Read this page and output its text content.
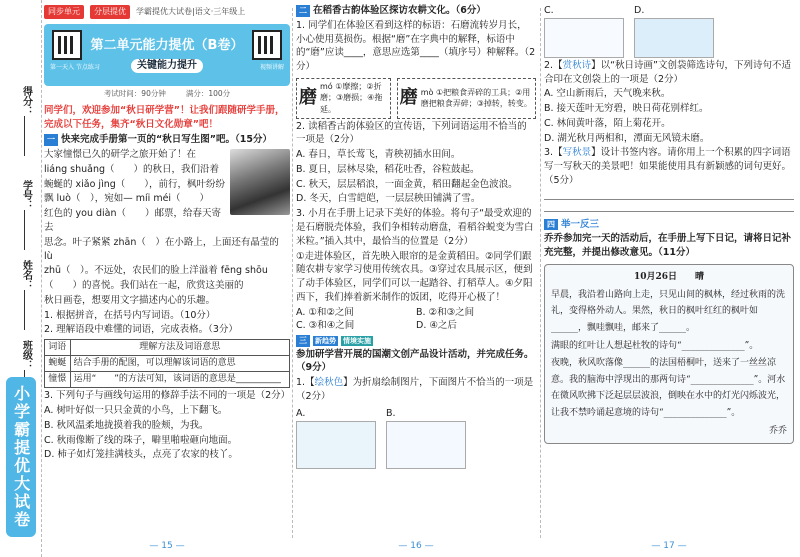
得分：
学号：
姓名：
班级：
小学霸提优大试卷
同步单元	分层提优	学霸提优大试卷|语文·三年级上
第一天入 节点练习	视频讲解
第二单元能力提优（B卷）
关键能力提升
考试时间：90分钟	满分：100分
同学们，欢迎参加“秋日研学营”！让我们跟随研学手册，完成以下任务，集齐“秋日文化勋章”吧！
一 快来完成手册第一页的“秋日写生图”吧。（15分）

大家憧憬已久的研学之旅开始了！在

liáng shuǎng（　　）的秋日，我们沿着

蜿蜒的 xiǎo jìng（　　），前行，枫叶纷纷

飘 luò（　），宛如— míi méi（　　）

红色的 you diàn（　　）邮票，给春天寄去

思念。叶子紧紧 zhān（　）在小路上，上面还有晶莹的 lù

zhū（　）。不远处，农民们的脸上洋溢着 fēng shōu

（　　）的喜悦。我们站在一起，欣赏这美丽的

秋日画卷，想要用文字描述内心的乐趣。

1. 根据拼音，在括号内写词语。（10分）

2. 理解语段中难懂的词语，完成表格。（3分）

词语	理解方法及词语意思
蜿蜒	结合手册的配图，可以理解该词语的意思
憧憬	运用“　　”的方法可知，该词语的意思是__________

3. 下列句子与画线句运用的修辞手法不同的一项是（2分）

A. 树叶好似一只只金黄的小鸟，上下翻飞。

B. 秋风温柔地拢摸着我的脸颊，为我。

C. 秋雨像断了线的珠子，噼里啪啦砸向地面。

D. 柿子如灯笼挂满枝头，点亮了农家的枝丫。

— 15 —
二 在稻香古韵体验区探访农耕文化。（6分）

1. 同学们在体验区看到这样的标语：石磨流转岁月长，小心使用莫损伤。根据“磨”在字典中的解释，标语中的“磨”应读____，意思应选第____（填序号）种解释。（2分）

磨
mó ①摩擦；②折磨；③磨损；④拖延。
磨 mò ①把粮食弄碎的工具；②用磨把粮食弄碎；③掉转，转变。

2. 读稻香古韵体验区的宣传语，下列词语运用不恰当的一项是（2分）

A. 春日，草长莺飞，青秧初插水田间。

B. 夏日，层林尽染，稻花吐香，谷粒鼓起。

C. 秋天，层层稻浪，一面金黄，稻田翻起金色波浪。

D. 冬天，白雪皑皑，一层层秧田铺满了雪。

3. 小月在手册上记录下美好的体验。将句子“最受欢迎的是石磨脱壳体验，我们争相转动磨盘，看稻谷蜕变为雪白米粒。”插入其中，最恰当的位置是（2分）

①走进体验区，首先映入眼帘的是金黄稻田。②同学们跟随农耕专家学习使用传统农具。③穿过农具展示区，便到了动手体验区，同学们可以一起踏谷、打稻草人。④夕阳西下，我们捧着新米制作的饭团，吃得开心极了！

A. ①和②之间	B. ②和③之间
C. ③和④之间	D. ④之后
三	新趋势 情境实施

参加研学营开展的国潮文创产品设计活动，并完成任务。（9分）

1.【绘秋色】为折扇绘制图片，下面图片不恰当的一项是（2分）

A.	B.
— 16 —
C.	D.

2.【赏秋诗】以“秋日诗画”文创袋筛选诗句，下列诗句不适合印在文创袋上的一项是（2分）

A. 空山新雨后，天气晚来秋。

B. 接天莲叶无穷碧，映日荷花别样红。

C. 林间黄叶落，陌上菊花开。

D. 湖光秋月两相和，潭面无风镜未磨。

3.【写秋景】设计书签内容。请你用上一个积累的四字词语写一写秋天的美景吧！如果能使用具有新颖感的词句更好。（5分）

四 举一反三

乔乔参加完一天的活动后，在手册上写下日记，请将日记补充完整，并提出修改意见。（11分）

10月26日　　晴

早晨，我沿着山路向上走，只见山间的枫林，经过秋雨的洗礼，变得格外动人。果然，秋日的枫叶红红的枫叶如______，飘哇飘哇，邮来了______。

满眼的红叶让人想起杜牧的诗句“______________”。

夜晚，秋风吹落像______的法国梧桐叶，送来了一丝丝凉意。我的脑海中浮现出的那两句诗“______________”。河水在微风吹拂下泛起层层波浪，倒映在水中的灯光闪烁波光，让我不禁吟诵起意境的诗句“______________”。

乔乔

— 17 —
